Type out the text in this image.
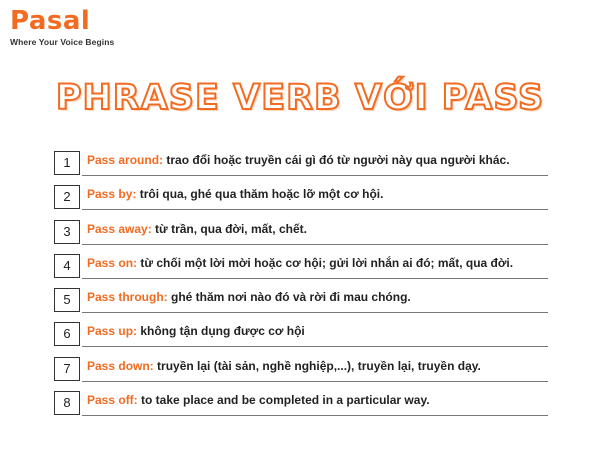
Pasal
Where Your Voice Begins
PHRASE VERB VỚI PASS
1	Pass around: trao đổi hoặc truyền cái gì đó từ người này qua người khác.
2	Pass by: trôi qua, ghé qua thăm hoặc lỡ một cơ hội.
3	Pass away: từ trần, qua đời, mất, chết.
4	Pass on: từ chối một lời mời hoặc cơ hội; gửi lời nhắn ai đó; mất, qua đời.
5	Pass through: ghé thăm nơi nào đó và rời đi mau chóng.
6	Pass up: không tận dụng được cơ hội
7	Pass down: truyền lại (tài sản, nghề nghiệp,...), truyền lại, truyền dạy.
8	Pass off: to take place and be completed in a particular way.
